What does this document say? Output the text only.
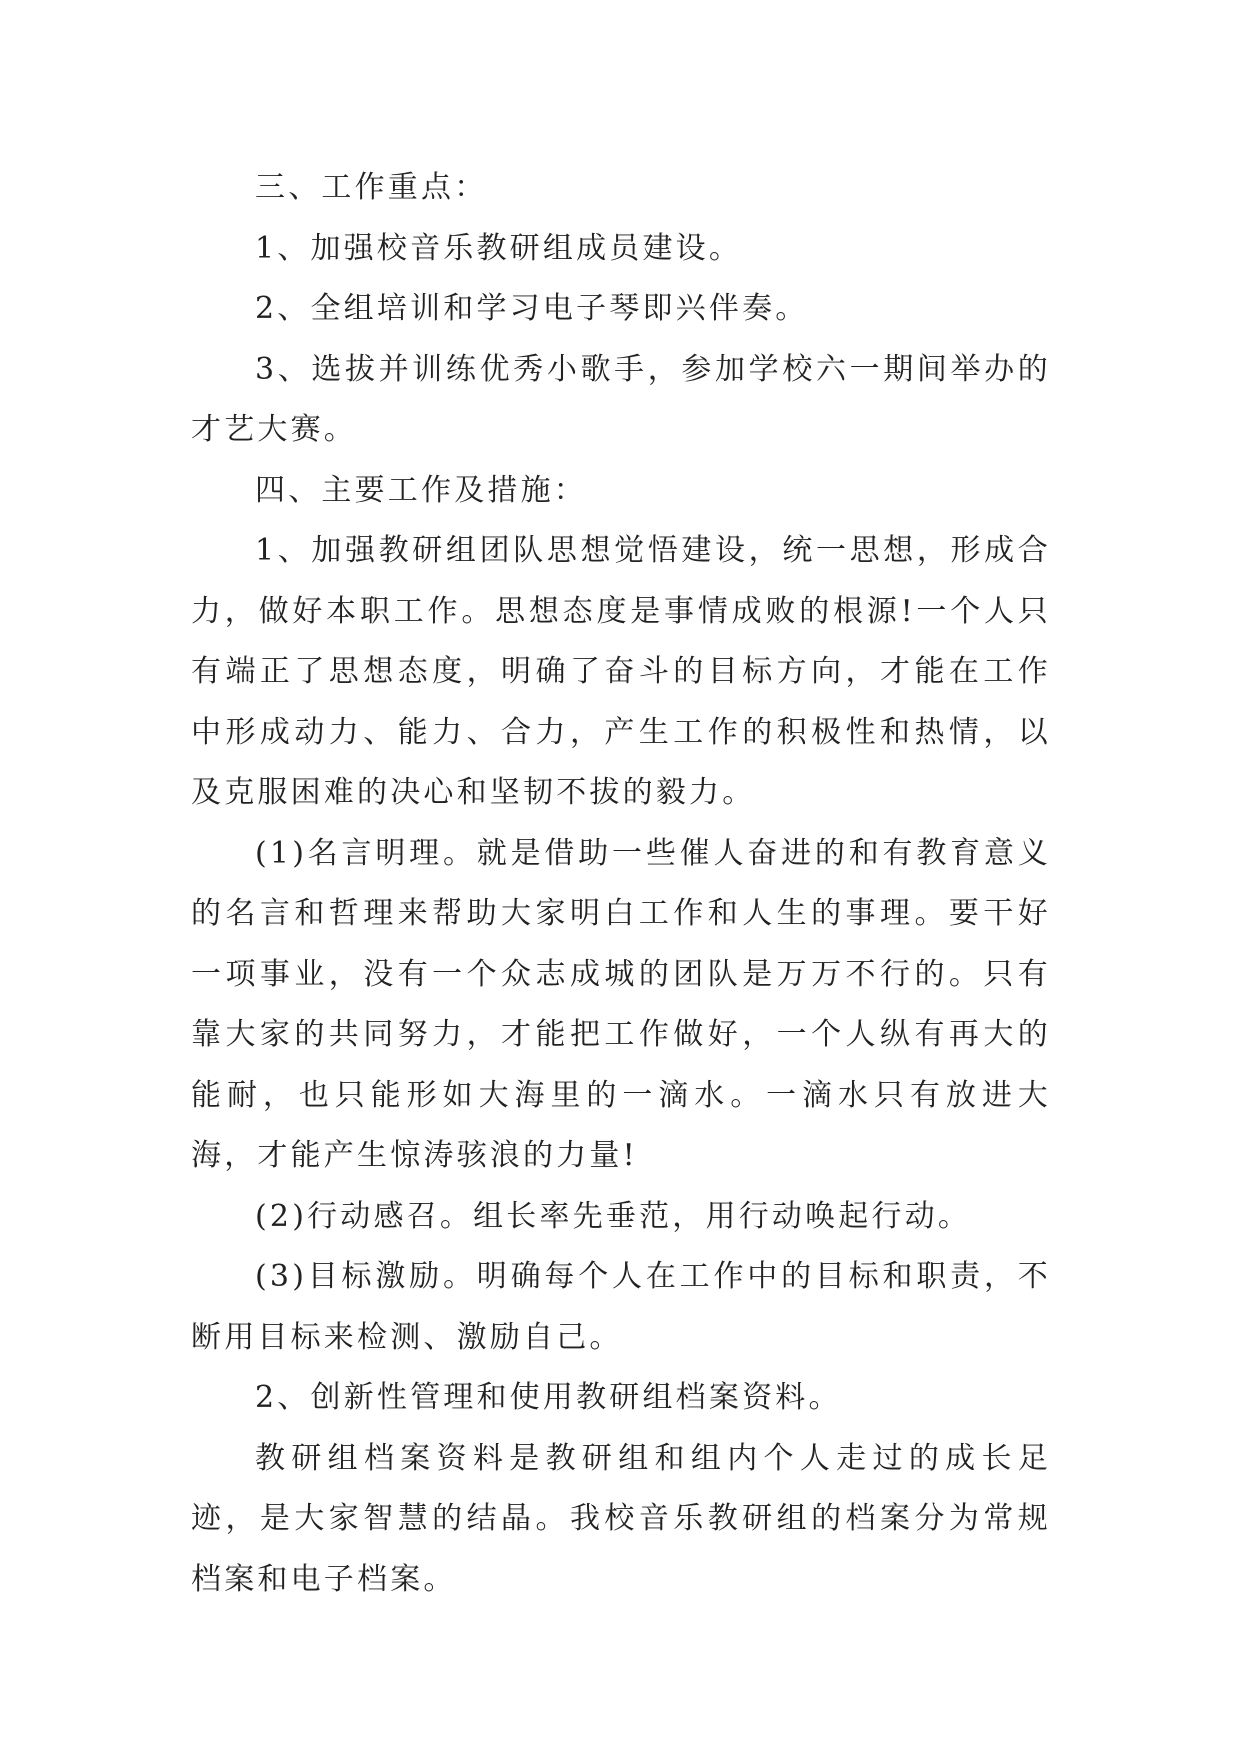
三、工作重点：

1、加强校音乐教研组成员建设。

2、全组培训和学习电子琴即兴伴奏。

3、选拔并训练优秀小歌手，参加学校六一期间举办的才艺大赛。

四、主要工作及措施：

1、加强教研组团队思想觉悟建设，统一思想，形成合力，做好本职工作。思想态度是事情成败的根源!一个人只有端正了思想态度，明确了奋斗的目标方向，才能在工作中形成动力、能力、合力，产生工作的积极性和热情，以及克服困难的决心和坚韧不拔的毅力。

(1)名言明理。就是借助一些催人奋进的和有教育意义的名言和哲理来帮助大家明白工作和人生的事理。要干好一项事业，没有一个众志成城的团队是万万不行的。只有靠大家的共同努力，才能把工作做好，一个人纵有再大的能耐，也只能形如大海里的一滴水。一滴水只有放进大海，才能产生惊涛骇浪的力量!

(2)行动感召。组长率先垂范，用行动唤起行动。

(3)目标激励。明确每个人在工作中的目标和职责，不断用目标来检测、激励自己。

2、创新性管理和使用教研组档案资料。

教研组档案资料是教研组和组内个人走过的成长足迹，是大家智慧的结晶。我校音乐教研组的档案分为常规档案和电子档案。
